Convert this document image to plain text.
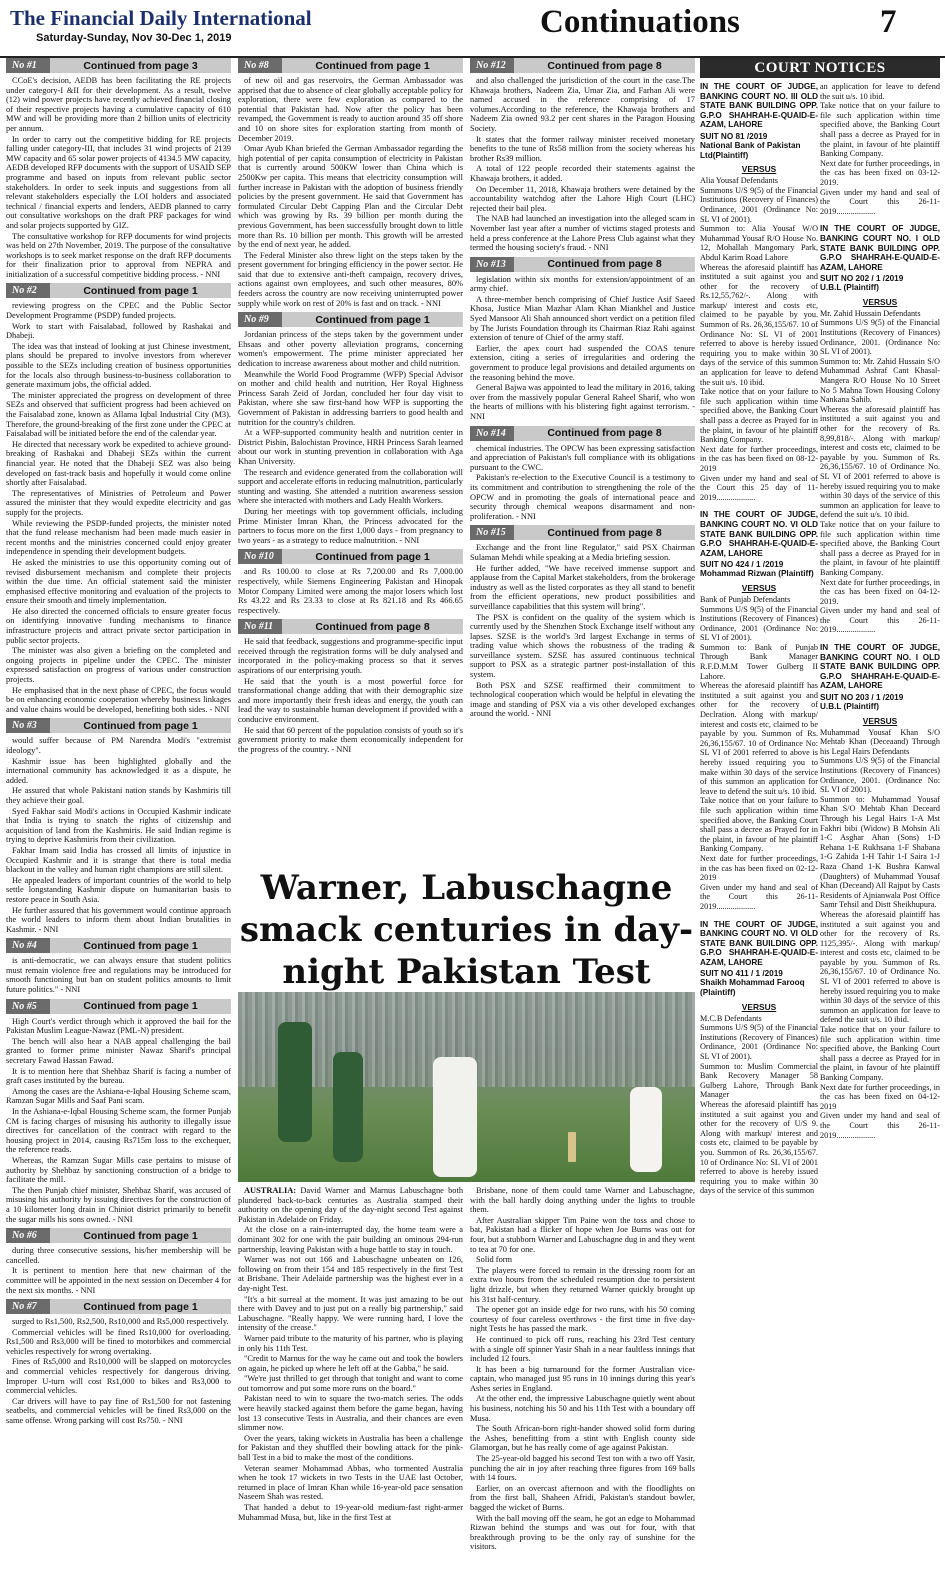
The Financial Daily International
Saturday-Sunday, Nov 30-Dec 1, 2019	Continuations	7
No #1	Continued from page 3

CCoE's decision, AEDB has been facilitating the RE projects under category-I &II for their development. As a result, twelve (12) wind power projects have recently achieved financial closing of their respective projects having a cumulative capacity of 610 MW and will be providing more than 2 billion units of electricity per annum.

In order to carry out the competitive bidding for RE projects falling under category-III, that includes 31 wind projects of 2139 MW capacity and 65 solar power projects of 4134.5 MW capacity, AEDB developed RFP documents with the support of USAID SEP programme and based on inputs from relevant public sector stakeholders. In order to seek inputs and suggestions from all relevant stakeholders especially the LOI holders and associated technical / financial experts and lenders, AEDB planned to carry out consultative workshops on the draft PRF packages for wind and solar projects supported by GIZ.

The consultative workshop for RFP documents for wind projects was held on 27th November, 2019. The purpose of the consultative workshops is to seek market response on the draft RFP documents for their finalization prior to approval from NEPRA and initialization of a successful competitive bidding process. - NNI

No #2	Continued from page 1

reviewing progress on the CPEC and the Public Sector Development Programme (PSDP) funded projects.

Work to start with Faisalabad, followed by Rashakai and Dhabeji.

The idea was that instead of looking at just Chinese investment, plans should be prepared to involve investors from wherever possible to the SEZs including creation of business opportunities for the locals also through business-to-business collaboration to generate maximum jobs, the official added.

The minister appreciated the progress on development of three SEZs and observed that sufficient progress had been achieved on the Faisalabad zone, known as Allama Iqbal Industrial City (M3). Therefore, the ground-breaking of the first zone under the CPEC at Faisalabad will be initiated before the end of the calendar year.

He directed that necessary work be expedited to achieve ground-breaking of Rashakai and Dhabeji SEZs within the current financial year. He noted that the Dhabeji SEZ was also being developed on fast-track basis and hopefully it would come online shortly after Faisalabad.

The representatives of Ministries of Petroleum and Power assured the minister that they would expedite electricity and gas supply for the projects.

While reviewing the PSDP-funded projects, the minister noted that the fund release mechanism had been made much easier in recent months and the ministries concerned could enjoy greater independence in spending their development budgets.

He asked the ministries to use this opportunity coming out of revised disbursement mechanism and complete their projects within the due time. An official statement said the minister emphasised effective monitoring and evaluation of the projects to ensure their smooth and timely implementation.

He also directed the concerned officials to ensure greater focus on identifying innovative funding mechanisms to finance infrastructure projects and attract private sector participation in public sector projects.

The minister was also given a briefing on the completed and ongoing projects in pipeline under the CPEC. The minister expressed satisfaction on progress of various under construction projects.

He emphasised that in the next phase of CPEC, the focus would be on enhancing economic cooperation whereby business linkages and value chains would be developed, benefiting both sides. - NNI

No #3	Continued from page 1

would suffer because of PM Narendra Modi's "extremist ideology".

Kashmir issue has been highlighted globally and the international community has acknowledged it as a dispute, he added.

He assured that whole Pakistani nation stands by Kashmiris till they achieve their goal.

Syed Fakhar said Modi's actions in Occupied Kashmir indicate that India is trying to snatch the rights of citizenship and acquisition of land from the Kashmiris. He said Indian regime is trying to deprive Kashmiris from their civilization.

Fakhar Imam said India has crossed all limits of injustice in Occupied Kashmir and it is strange that there is total media blackout in the valley and human right champions are still silent.

He appealed leaders of important countries of the world to help settle longstanding Kashmir dispute on humanitarian basis to restore peace in South Asia.

He further assured that his government would continue approach the world leaders to inform them about Indian brutalities in Kashmir. - NNI

No #4	Continued from page 1

is anti-democratic, we can always ensure that student politics must remain violence free and regulations may be introduced for smooth functioning but ban on student politics amounts to limit future politics." - NNI

No #5	Continued from page 1

High Court's verdict through which it approved the bail for the Pakistan Muslim League-Nawaz (PML-N) president.

The bench will also hear a NAB appeal challenging the bail granted to former prime minister Nawaz Sharif's principal secretary Fawad Hassan Fawad.

It is to mention here that Shehbaz Sharif is facing a number of graft cases instituted by the bureau.

Among the cases are the Ashiana-e-Iqbal Housing Scheme scam, Ramzan Sugar Mills and Saaf Pani scam.

In the Ashiana-e-Iqbal Housing Scheme scam, the former Punjab CM is facing charges of misusing his authority to illegally issue directives for cancellation of the contract with regard to the housing project in 2014, causing Rs715m loss to the exchequer, the reference reads.

Whereas, the Ramzan Sugar Mills case pertains to misuse of authority by Shehbaz by sanctioning construction of a bridge to facilitate the mill.

The then Punjab chief minister, Shehbaz Sharif, was accused of misusing his authority by issuing directives for the construction of a 10 kilometer long drain in Chiniot district primarily to benefit the sugar mills his sons owned. - NNI

No #6	Continued from page 1

during three consecutive sessions, his/her membership will be cancelled.

It is pertinent to mention here that new chairman of the committee will be appointed in the next session on December 4 for the next six months. - NNI

No #7	Continued from page 1

surged to Rs1,500, Rs2,500, Rs10,000 and Rs5,000 respectively.

Commercial vehicles will be fined Rs10,000 for overloading. Rs1,500 and Rs3,000 will be fined to motorbikes and commercial vehicles respectively for wrong overtaking.

Fines of Rs5,000 and Rs10,000 will be slapped on motorcycles and commercial vehicles respectively for dangerous driving. Improper U-turn will cost Rs1,000 to bikes and Rs3,000 to commercial vehicles.

Car drivers will have to pay fine of Rs1,500 for not fastening seatbelts, and commercial vehicles will be fined Rs3,000 on the same offense. Wrong parking will cost Rs750. - NNI

No #8	Continued from page 1

of new oil and gas reservoirs, the German Ambassador was apprised that due to absence of clear globally acceptable policy for exploration, there were few exploration as compared to the potential that Pakistan had. Now after the policy has been revamped, the Government is ready to auction around 35 off shore and 10 on shore sites for exploration starting from month of December 2019.

Omar Ayub Khan briefed the German Ambassador regarding the high potential of per capita consumption of electricity in Pakistan that is currently around 500KW lower than China which is 2500Kw per capita. This means that electricity consumption will further increase in Pakistan with the adoption of business friendly policies by the present government. He said that Government has formulated Circular Debt Capping Plan and the Circular Debt which was growing by Rs. 39 billion per month during the previous Government, has been successfully brought down to little more than Rs. 10 billion per month. This growth will be arrested by the end of next year, he added.

The Federal Minister also threw light on the steps taken by the present government for bringing efficiency in the power sector. He said that due to extensive anti-theft campaign, recovery drives, actions against own employees, and such other measures, 80% feeders across the country are now receiving uninterrupted power supply while work on rest of 20% is fast and on track. - NNI

No #9	Continued from page 1

Jordanian princess of the steps taken by the government under Ehsaas and other poverty alleviation programs, concerning women's empowerment. The prime minister appreciated her dedication to increase awareness about mother and child nutrition.

Meanwhile the World Food Programme (WFP) Special Advisor on mother and child health and nutrition, Her Royal Highness Princess Sarah Zeid of Jordan, concluded her four day visit to Pakistan, where she saw first-hand how WFP is supporting the Government of Pakistan in addressing barriers to good health and nutrition for the country's children.

At a WFP-supported community health and nutrition center in District Pishin, Balochistan Province, HRH Princess Sarah learned about our work in stunting prevention in collaboration with Aga Khan University.

The research and evidence generated from the collaboration will support and accelerate efforts in reducing malnutrition, particularly stunting and wasting. She attended a nutrition awareness session where she interacted with mothers and Lady Health Workers.

During her meetings with top government officials, including Prime Minister Imran Khan, the Princess advocated for the partners to focus more on the first 1,000 days - from pregnancy to two years - as a strategy to reduce malnutrition. - NNI

No #10	Continued from page 1

and Rs 100.00 to close at Rs 7,200.00 and Rs 7,000.00 respectively, while Siemens Engineering Pakistan and Hinopak Motor Company Limited were among the major losers which lost Rs 43.22 and Rs 23.33 to close at Rs 821.18 and Rs 466.65 respectively.

No #11	Continued from page 8

He said that feedback, suggestions and programme-specific input received through the registration forms will be duly analysed and incorporated in the policy-making process so that it serves aspirations of our enterprising youth.

He said that the youth is a most powerful force for transformational change adding that with their demographic size and more importantly their fresh ideas and energy, the youth can lead the way to sustainable human development if provided with a conducive environment.

He said that 60 percent of the population consists of youth so it's government priority to make them economically independent for the progress of the country. - NNI

No #12	Continued from page 8

and also challenged the jurisdiction of the court in the case.The Khawaja brothers, Nadeem Zia, Umar Zia, and Farhan Ali were named accused in the reference comprising of 17 volumes.According to the reference, the Khawaja brothers and Nadeem Zia owned 93.2 per cent shares in the Paragon Housing Society.

It states that the former railway minister received monetary benefits to the tune of Rs58 million from the society whereas his brother Rs39 million.

A total of 122 people recorded their statements against the Khawaja brothers, it added.

On December 11, 2018, Khawaja brothers were detained by the accountability watchdog after the Lahore High Court (LHC) rejected their bail plea.

The NAB had launched an investigation into the alleged scam in November last year after a number of victims staged protests and held a press conference at the Lahore Press Club against what they termed the housing society's fraud. - NNI

No #13	Continued from page 8

legislation within six months for extension/appointment of an army chief.

A three-member bench comprising of Chief Justice Asif Saeed Khosa, Justice Mian Mazhar Alam Khan Miankhel and Justice Syed Mansoor Ali Shah announced short verdict on a petition filed by The Jurists Foundation through its Chairman Riaz Rahi against extension of tenure of Chief of the army staff.

Earlier, the apex court had suspended the COAS tenure extension, citing a series of irregularities and ordering the government to produce legal provisions and detailed arguments on the reasoning behind the move.

General Bajwa was appointed to lead the military in 2016, taking over from the massively popular General Raheel Sharif, who won the hearts of millions with his blistering fight against terrorism. - NNI

No #14	Continued from page 8

chemical industries. The OPCW has been expressing satisfaction and appreciation of Pakistan's full compliance with its obligations pursuant to the CWC.

Pakistan's re-election to the Executive Council is a testimony to its commitment and contribution to strengthening the role of the OPCW and in promoting the goals of international peace and security through chemical weapons disarmament and non-proliferation. - NNI

No #15	Continued from page 8

Exchange and the front line Regulator," said PSX Chairman Sulaman Mehdi while speaking at a Media briefing session.

He further added, "We have received immense support and applause from the Capital Market stakeholders, from the brokerage industry as well as the listed corporates as they all stand to benefit from the efficient operations, new product possibilities and surveillance capabilities that this system will bring".

The PSX is confident on the quality of the system which is currently used by the Shenzhen Stock Exchange itself without any lapses. SZSE is the world's 3rd largest Exchange in terms of trading value which shows the robustness of the trading & surveillance system. SZSE has assured continuous technical support to PSX as a strategic partner post-installation of this system.

Both PSX and SZSE reaffirmed their commitment to technological cooperation which would be helpful in elevating the image and standing of PSX via a vis other developed exchanges around the world. - NNI

COURT NOTICES
IN THE COURT OF JUDGE, BANKING COURT NO. III OLD STATE BANK BUILDING OPP. G.P.O SHAHRAH-E-QUAID-E-AZAM, LAHORE
SUIT NO 81 /2019
National Bank of Pakistan Ltd(Plaintiff)
VERSUS

Alia Yousaf Defendants

Summons U/S 9(5) of the Financial Institutions (Recovery of Finances) Ordinance, 2001 (Ordinance No: SL VI of 2001).

Summon to: Alia Yousaf W/O Muhammad Yousaf R/O House No. 12, Mohallah Mangomary Park, Abdul Karim Road Lahore

Whereas the aforesaid plaintiff has instituted a suit against you and other for the recovery of Rs.12,55,762/-. Along with markup/ interest and costs etc, claimed to be payable by you. Summon of Rs. 26,36,155/67. 10 of Ordinance No: SL VI of 2001 referred to above is hereby issued requiring you to make within 30 days of the service of this summon an application for leave to defend the suit u/s. 10 ibid.

Take notice that on your failure to file such application within time specified above, the Banking Court shall pass a decree as Prayed for in the plaint, in favour of hte plaintiff Banking Company.

Next date for further proceedings, in the cas has been fixed on 08-12-2019

Given under my hand and seal of the Court this 25 day of 11-2019...................

IN THE COURT OF JUDGE, BANKING COURT NO. VI OLD STATE BANK BUILDING OPP. G.P.O SHAHRAH-E-QUAID-E-AZAM, LAHORE
SUIT NO 424 / 1 /2019
Mohammad Rizwan (Plaintiff)
VERSUS

Bank of Punjab Defendants

Summons U/S 9(5) of the Financial Institutions (Recovery of Finances) Ordinance, 2001 (Ordinance No: SL VI of 2001).

Summon to: Bank of Punjab Through Bank Manager R.F.D.M.M Tower Gulberg II Lahore.

Whereas the aforesaid plaintiff has instituted a suit against you and other for the recovery of Declration. Along with markup/ interest and costs etc, claimed to be payable by you. Summon of Rs. 26,36,155/67. 10 of Ordinance No: SL VI of 2001 referred to above is hereby issued requiring you to make within 30 days of the service of this summon an application for leave to defend the suit u/s. 10 ibid.

Take notice that on your failure to file such application within time specified above, the Banking Court shall pass a decree as Prayed for in the plaint, in favour of hte plaintiff Banking Company.

Next date for further proceedings, in the cas has been fixed on 02-12-2019

Given under my hand and seal of the Court this 26-11-2019...................

IN THE COURT OF JUDGE, BANKING COURT NO. VI OLD STATE BANK BUILDING OPP. G.P.O SHAHRAH-E-QUAID-E-AZAM, LAHORE
SUIT NO 411 / 1 /2019
Shaikh Mohammad Farooq (Plaintiff)
VERSUS

M.C.B Defendants

Summons U/S 9(5) of the Financial Institutions (Recovery of Finances) Ordinance, 2001 (Ordinance No: SL VI of 2001).

Summon to: Muslim Commercial Bank Recovery Manager 58 Gulberg Lahore, Through Bank Manager

Whereas the aforesaid plaintiff has instituted a suit against you and other for the recovery of U/S 9. Along with markup/ interest and costs etc, claimed to be payable by you. Summon of Rs. 26,36,155/67. 10 of Ordinance No: SL VI of 2001 referred to above is hereby issued requiring you to make within 30 days of the service of this summon

an application for leave to defend the suit u/s. 10 ibid.

Take notice that on your failure to file such application within time specified above, the Banking Court shall pass a decree as Prayed for in the plaint, in favour of hte plaintiff Banking Company.

Next date for further proceedings, in the cas has been fixed on 03-12-2019.

Given under my hand and seal of the Court this 26-11-2019...................

IN THE COURT OF JUDGE, BANKING COURT NO. I OLD STATE BANK BUILDING OPP. G.P.O SHAHRAH-E-QUAID-E-AZAM, LAHORE
SUIT NO 202 / 1 /2019
U.B.L (Plaintiff)
VERSUS

Mr. Zahid Hussain Defendants

Summons U/S 9(5) of the Financial Institutions (Recovery of Finances) Ordinance, 2001. (Ordinance No: SL VI of 2001).

Summon to: Mr. Zahid Hussain S/O Muhammad Ashraf Cant Khasal-Mangera R/O House No 10 Street No 5 Mahna Town Housing Colony Nankana Sahib.

Whereas the aforesaid plaintiff has instituted a suit against you and other for the recovery of Rs. 8,99,818/-. Along with markup/ interest and costs etc, claimed to be payable by you. Summon of Rs. 26,36,155/67. 10 of Ordinance No. SL VI of 2001 referred to above is hereby issued requiring you to make within 30 days of the service of this summon an application for leave to defend the suit u/s. 10 ibid.

Take notice that on your failure to file such application within time specified above, the Banking Court shall pass a decree as Prayed for in the plaint, in favour of hte plaintiff Banking Company.

Next date for further proceedings, in the cas has been fixed on 04-12-2019.

Given under my hand and seal of the Court this 26-11-2019...................

IN THE COURT OF JUDGE, BANKING COURT NO. I OLD STATE BANK BUILDING OPP. G.P.O SHAHRAH-E-QUAID-E-AZAM, LAHORE
SUIT NO 203 / 1 /2019
U.B.L (Plaintiff)
VERSUS

Muhammad Yousaf Khan S/O Mehtab Khan (Deceaand) Through his Legal Hairs Defendants

Summons U/S 9(5) of the Financial Institutions (Recovery of Finances) Ordinance, 2001. (Ordinance No: SL VI of 2001).

Summon to: Muhammad Yousaf Khan S/O Mehtab Khan Deceard Through his Legal Hairs 1-A Mst Fakhri bibi (Widow) B Mohsin Ali 1-C Asghar Ahan (Sons) 1-D Rehana 1-E Rukhsana 1-F Shabana 1-G Zahida 1-H Tahir 1-I Saira 1-J Raza Chand 1-K Bushra Kanwal (Daughters) of Muhammad Yousaf Khan (Deceand) All Rajput by Casts Residents of Ajnianwala Post Office Samr Tehsil and Distt Sheikhupura.

Whereas the aforesaid plaintiff has instituted a suit against you and other for the recovery of Rs. 1125,395/-. Along with markup/ interest and costs etc, claimed to be payable by you. Summon of Rs. 26,36,155/67. 10 of Ordinance No. SL VI of 2001 referred to above is hereby issued requiring you to make within 30 days of the service of this summon an application for leave to defend the suit u/s. 10 ibid.

Take notice that on your failure to file such application within time specified above, the Banking Court shall pass a decree as Prayed for in the plaint, in favour of hte plaintiff Banking Company.

Next date for further proceedings, in the cas has been fixed on 04-12-2019

Given under my hand and seal of the Court this 26-11-2019...................

Warner, Labuschagne smack centuries in day-night Pakistan Test

AUSTRALIA: David Warner and Marnus Labuschagne both plundered back-to-back centuries as Australia stamped their authority on the opening day of the day-night second Test against Pakistan in Adelaide on Friday.

At the close on a rain-interrupted day, the home team were a dominant 302 for one with the pair building an ominous 294-run partnership, leaving Pakistan with a huge battle to stay in touch.

Warner was not out 166 and Labuschagne unbeaten on 126, following on from their 154 and 185 respectively in the first Test at Brisbane. Their Adelaide partnership was the highest ever in a day-night Test.

"It's a bit surreal at the moment. It was just amazing to be out there with Davey and to just put on a really big partnership," said Labuschagne. "Really happy. We were running hard, I love the intensity of the crease."

Warner paid tribute to the maturity of his partner, who is playing in only his 11th Test.

"Credit to Marnus for the way he came out and took the bowlers on again, he picked up where he left off at the Gabba," he said.

"We're just thrilled to get through that tonight and want to come out tomorrow and put some more runs on the board."

Pakistan need to win to square the two-match series. The odds were heavily stacked against them before the game began, having lost 13 consecutive Tests in Australia, and their chances are even slimmer now.

Over the years, taking wickets in Australia has been a challenge for Pakistan and they shuffled their bowling attack for the pink-ball Test in a bid to make the most of the conditions.

Veteran seamer Mohammad Abbas, who tormented Australia when he took 17 wickets in two Tests in the UAE last October, returned in place of Imran Khan while 16-year-old pace sensation Naseem Shah was rested.

That handed a debut to 19-year-old medium-fast right-armer Muhammad Musa, but, like in the first Test at

Brisbane, none of them could tame Warner and Labuschagne, with the ball hardly doing anything under the lights to trouble them.

After Australian skipper Tim Paine won the toss and chose to bat, Pakistan had a flicker of hope when Joe Burns was out for four, but a stubborn Warner and Labuschagne dug in and they went to tea at 70 for one.

Solid form

The players were forced to remain in the dressing room for an extra two hours from the scheduled resumption due to persistent light drizzle, but when they returned Warner quickly brought up his 31st half-century.

The opener got an inside edge for two runs, with his 50 coming courtesy of four careless overthrows - the first time in five day-night Tests he has passed the mark.

He continued to pick off runs, reaching his 23rd Test century with a single off spinner Yasir Shah in a near faultless innings that included 12 fours.

It has been a big turnaround for the former Australian vice-captain, who managed just 95 runs in 10 innings during this year's Ashes series in England.

At the other end, the impressive Labuschagne quietly went about his business, notching his 50 and his 11th Test with a boundary off Musa.

The South African-born right-hander showed solid form during the Ashes, benefitting from a stint with English county side Glamorgan, but he has really come of age against Pakistan.

The 25-year-old bagged his second Test ton with a two off Yasir, punching the air in joy after reaching three figures from 169 balls with 14 fours.

Earlier, on an overcast afternoon and with the floodlights on from the first ball, Shaheen Afridi, Pakistan's standout bowler, bagged the wicket of Burns.

With the ball moving off the seam, he got an edge to Mohammad Rizwan behind the stumps and was out for four, with that breakthrough proving to be the only ray of sunshine for the visitors.
